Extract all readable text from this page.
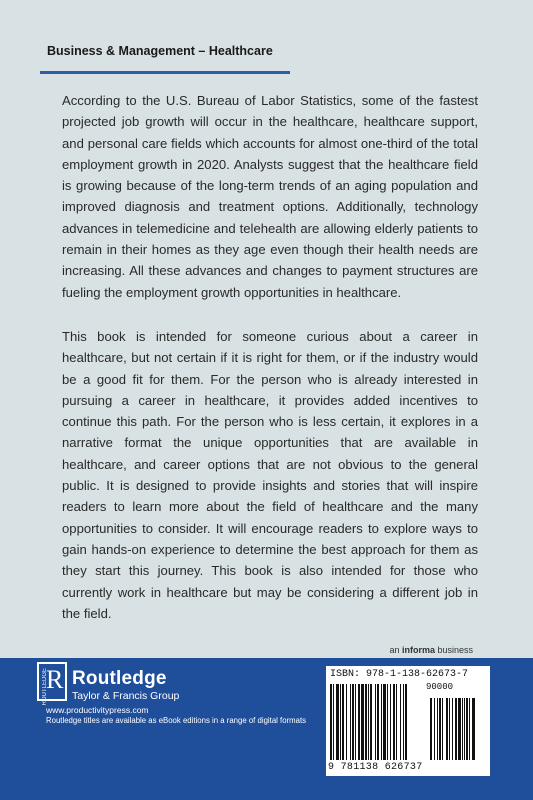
Business & Management – Healthcare
According to the U.S. Bureau of Labor Statistics, some of the fastest projected job growth will occur in the healthcare, healthcare support, and personal care fields which accounts for almost one-third of the total employment growth in 2020. Analysts suggest that the healthcare field is growing because of the long-term trends of an aging population and improved diagnosis and treatment options. Additionally, technology advances in telemedicine and telehealth are allowing elderly patients to remain in their homes as they age even though their health needs are increasing. All these advances and changes to payment structures are fueling the employment growth opportunities in healthcare.
This book is intended for someone curious about a career in healthcare, but not certain if it is right for them, or if the industry would be a good fit for them. For the person who is already interested in pursuing a career in healthcare, it provides added incentives to continue this path. For the person who is less certain, it explores in a narrative format the unique opportunities that are available in healthcare, and career options that are not obvious to the general public. It is designed to provide insights and stories that will inspire readers to learn more about the field of healthcare and the many opportunities to consider. It will encourage readers to explore ways to gain hands-on experience to determine the best approach for them as they start this journey. This book is also intended for those who currently work in healthcare but may be considering a different job in the field.
an informa business
ROUTLEDGE
R Routledge
Taylor & Francis Group
www.productivitypress.com
Routledge titles are available as eBook editions in a range of digital formats
ISBN: 978-1-138-62673-7
90000
9 781138 626737
